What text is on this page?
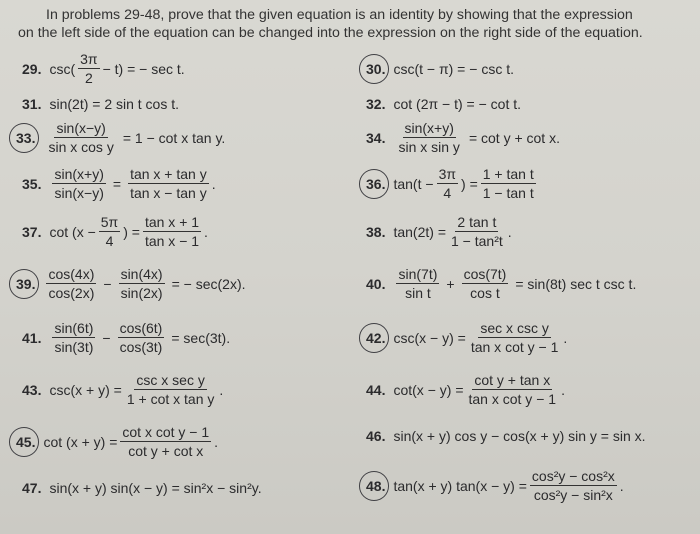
In problems 29-48, prove that the given equation is an identity by showing that the expression
on the left side of the equation can be changed into the expression on the right side of the equation.
29. $\csc( \frac{3\pi}{2} - t)$ = − sec t.	30. csc(t − π) = − csc t.
31. sin(2t) = 2 sin t cos t.	32. cot (2π − t) = − cot t.
33. $\frac{\sin(x-y)}{\text{sin x cos y}} = 1 - \cot x$ tan y.	34. $\frac{\sin(x+y)}{\text{sin x sin y}} = \cot y + \cot x$.
35. $\frac{\sin(x+y)}{\sin(x-y)} = \frac{\text{tan x + tan y}}{\text{tan x − tan y}}$ .	36. $\tan(t - \frac{3\pi}{4}$ ) = $\frac{\text{1 + tan t}}{\text{1 − tan t}}$
37. $\cot (x - \frac{5\pi}{4}$ ) = $\frac{\text{tan x + 1}}{\text{tan x − 1}}$ .	38. $\tan(2t) = \frac{\text{2 tan t}}{\text{1 − tan²t}}$ .
39. $\frac{\cos(4x)}{\cos(2x)} - \frac{\sin(4x)}{\sin(2x)}$ = − sec(2x).	40. $\frac{\sin(7t)}{\text{sin t}} + \frac{\cos(7t)}{\text{cos t}} = \sin(8t)$ sec t csc t.
41. $\frac{\sin(6t)}{\sin(3t)} - \frac{\cos(6t)}{\cos(3t)} = \sec(3t)$.	42. $\csc(x - y) = \frac{\text{sec x csc y}}{\text{tan x cot y − 1}}$ .
43. $\csc(x + y) = \frac{\text{csc x sec y}}{\text{1 + cot x tan y}}$ .	44. $\cot(x - y) = \frac{\text{cot y + tan x}}{\text{tan x cot y − 1}}$ .
45. $\cot (x + y) = \frac{\text{cot x cot y − 1}}{\text{cot y + cot x}}$ .	46. sin(x + y) cos y − cos(x + y) sin y = sin x.
47. sin(x + y) sin(x − y) = sin²x − sin²y.	48. tan(x + y) $\tan(x - y) = \frac{\text{cos²y − cos²x}}{\text{cos²y − sin²x}}$ .
